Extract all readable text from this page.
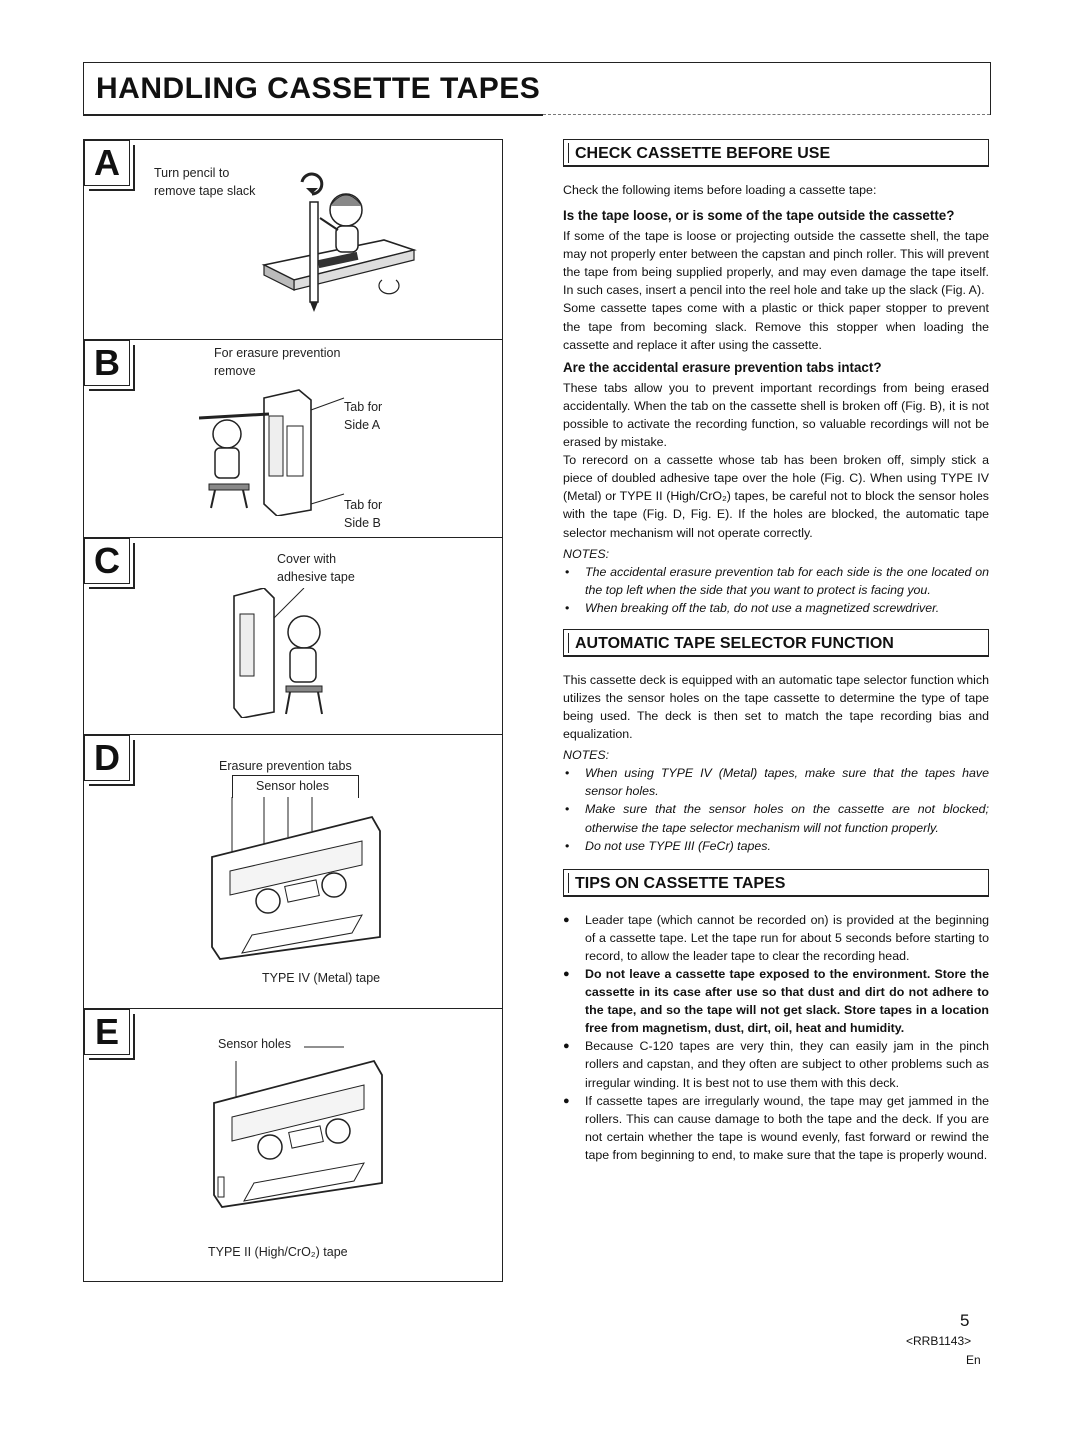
HANDLING CASSETTE TAPES
A	Turn pencil to
remove tape slack
B	For erasure prevention
remove
Tab for
Side A
Tab for
Side B
C	Cover with
adhesive tape
D	Erasure prevention tabs
Sensor holes
TYPE IV (Metal) tape
E	Sensor holes
TYPE II (High/CrO₂) tape
CHECK CASSETTE BEFORE USE

Check the following items before loading a cassette tape:

Is the tape loose, or is some of the tape outside the cassette?

If some of the tape is loose or projecting outside the cassette shell, the tape may not properly enter between the capstan and pinch roller. This will prevent the tape from being supplied properly, and may even damage the tape itself. In such cases, insert a pencil into the reel hole and take up the slack (Fig. A).

Some cassette tapes come with a plastic or thick paper stopper to prevent the tape from becoming slack. Remove this stopper when loading the cassette and replace it after using the cassette.

Are the accidental erasure prevention tabs intact?

These tabs allow you to prevent important recordings from being erased accidentally. When the tab on the cassette shell is broken off (Fig. B), it is not possible to activate the recording function, so valuable recordings will not be erased by mistake.

To rerecord on a cassette whose tab has been broken off, simply stick a piece of doubled adhesive tape over the hole (Fig. C). When using TYPE IV (Metal) or TYPE II (High/CrO₂) tapes, be careful not to block the sensor holes with the tape (Fig. D, Fig. E). If the holes are blocked, the automatic tape selector mechanism will not operate correctly.

NOTES:

• The accidental erasure prevention tab for each side is the one located on the top left when the side that you want to protect is facing you.
• When breaking off the tab, do not use a magnetized screwdriver.
AUTOMATIC TAPE SELECTOR FUNCTION

This cassette deck is equipped with an automatic tape selector function which utilizes the sensor holes on the tape cassette to determine the type of tape being used. The deck is then set to match the tape recording bias and equalization.

NOTES:

• When using TYPE IV (Metal) tapes, make sure that the tapes have sensor holes.
• Make sure that the sensor holes on the cassette are not blocked; otherwise the tape selector mechanism will not function properly.
• Do not use TYPE III (FeCr) tapes.
TIPS ON CASSETTE TAPES
● Leader tape (which cannot be recorded on) is provided at the beginning of a cassette tape. Let the tape run for about 5 seconds before starting to record, to allow the leader tape to clear the recording head.
● Do not leave a cassette tape exposed to the environment. Store the cassette in its case after use so that dust and dirt do not adhere to the tape, and so the tape will not get slack. Store tapes in a location free from magnetism, dust, dirt, oil, heat and humidity.
● Because C-120 tapes are very thin, they can easily jam in the pinch rollers and capstan, and they often are subject to other problems such as irregular winding. It is best not to use them with this deck.
● If cassette tapes are irregularly wound, the tape may get jammed in the rollers. This can cause damage to both the tape and the deck. If you are not certain whether the tape is wound evenly, fast forward or rewind the tape from beginning to end, to make sure that the tape is properly wound.
5
<RRB1143>
En
